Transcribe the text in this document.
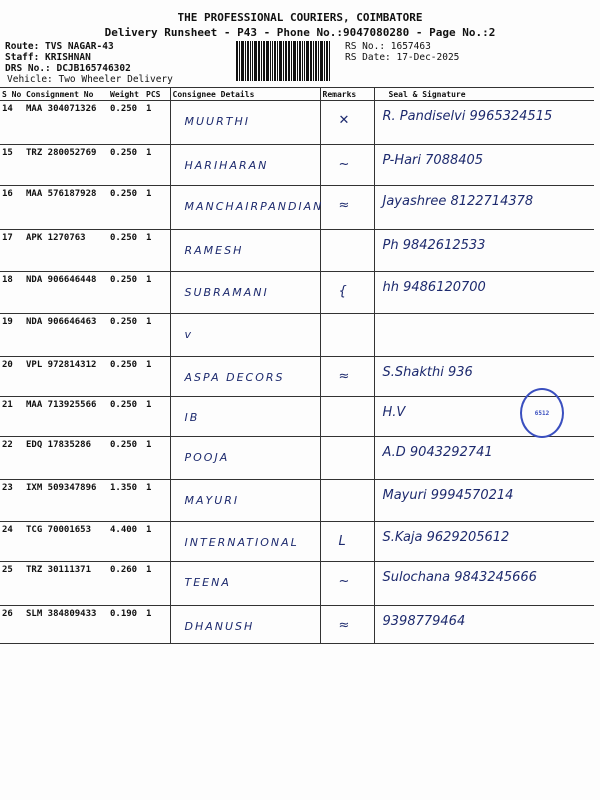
THE PROFESSIONAL COURIERS, COIMBATORE
Delivery Runsheet - P43 - Phone No.:9047080280 - Page No.:2
Route: TVS NAGAR-43
Staff: KRISHNAN
DRS No.: DCJB165746302
Vehicle: Two Wheeler Delivery
RS No.: 1657463
RS Date: 17-Dec-2025
S No	Consignment No	Weight	PCS	Consignee Details	Remarks	Seal & Signature
14	MAA 304071326	0.250	1	MUURTHI	✕	R. Pandiselvi 9965324515

15	TRZ 280052769	0.250	1	HARIHARAN	~	P-Hari 7088405

16	MAA 576187928	0.250	1	MANCHAIRPANDIAN	≈	Jayashree 8122714378

17	APK 1270763	0.250	1	RAMESH		Ph 9842612533

18	NDA 906646448	0.250	1	SUBRAMANI	{	hh 9486120700

19	NDA 906646463	0.250	1	v		

20	VPL 972814312	0.250	1	ASPA DECORS	≈	S.Shakthi 936

21	MAA 713925566	0.250	1	IB		H.V

22	EDQ 17835286	0.250	1	POOJA		A.D 9043292741

23	IXM 509347896	1.350	1	MAYURI		Mayuri 9994570214

24	TCG 70001653	4.400	1	INTERNATIONAL	L	S.Kaja 9629205612

25	TRZ 30111371	0.260	1	TEENA	~	Sulochana 9843245666

26	SLM 384809433	0.190	1	DHANUSH	≈	9398779464
6512
